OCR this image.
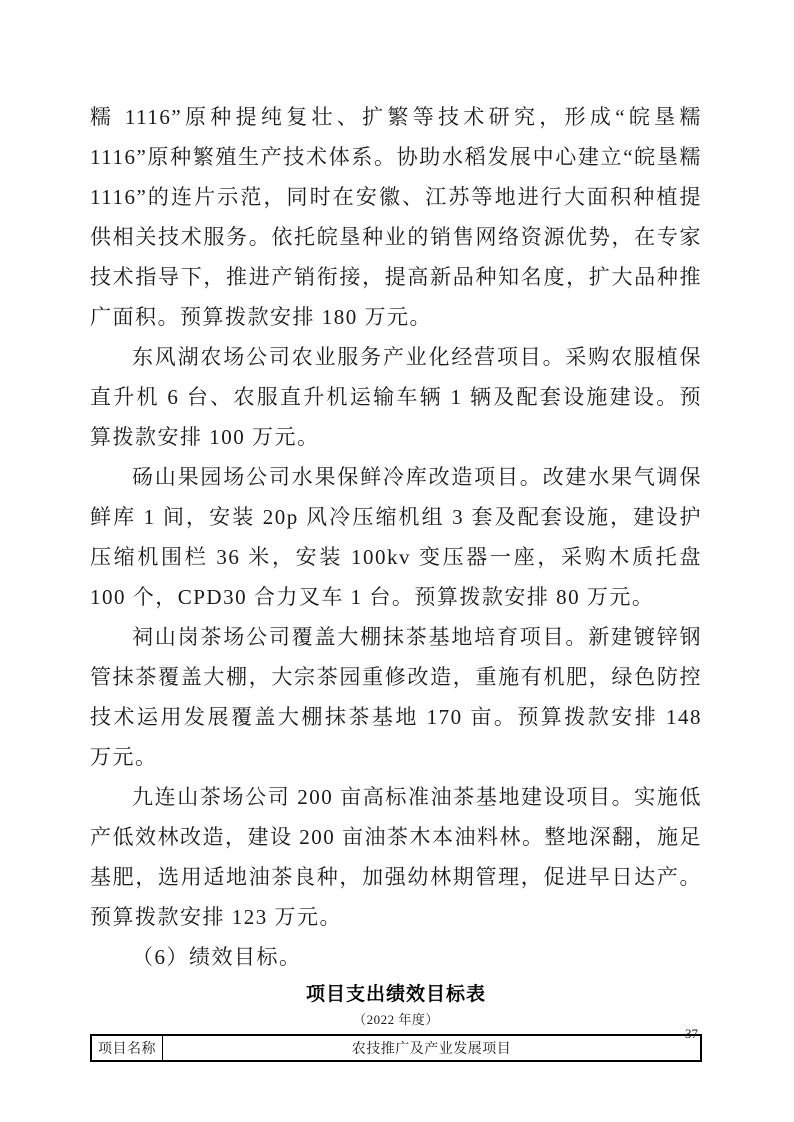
糯 1116”原种提纯复壮、扩繁等技术研究，形成“皖垦糯 1116”原种繁殖生产技术体系。协助水稻发展中心建立“皖垦糯 1116”的连片示范，同时在安徽、江苏等地进行大面积种植提供相关技术服务。依托皖垦种业的销售网络资源优势，在专家技术指导下，推进产销衔接，提高新品种知名度，扩大品种推广面积。预算拨款安排 180 万元。

东风湖农场公司农业服务产业化经营项目。采购农服植保直升机 6 台、农服直升机运输车辆 1 辆及配套设施建设。预算拨款安排 100 万元。

砀山果园场公司水果保鲜冷库改造项目。改建水果气调保鲜库 1 间，安装 20p 风冷压缩机组 3 套及配套设施，建设护压缩机围栏 36 米，安装 100kv 变压器一座，采购木质托盘 100 个，CPD30 合力叉车 1 台。预算拨款安排 80 万元。

祠山岗茶场公司覆盖大棚抹茶基地培育项目。新建镀锌钢管抹茶覆盖大棚，大宗茶园重修改造，重施有机肥，绿色防控技术运用发展覆盖大棚抹茶基地 170 亩。预算拨款安排 148 万元。

九连山茶场公司 200 亩高标准油茶基地建设项目。实施低产低效林改造，建设 200 亩油茶木本油料林。整地深翻，施足基肥，选用适地油茶良种，加强幼林期管理，促进早日达产。预算拨款安排 123 万元。

（6）绩效目标。

项目支出绩效目标表

（2022 年度）

项目名称	农技推广及产业发展项目
37
